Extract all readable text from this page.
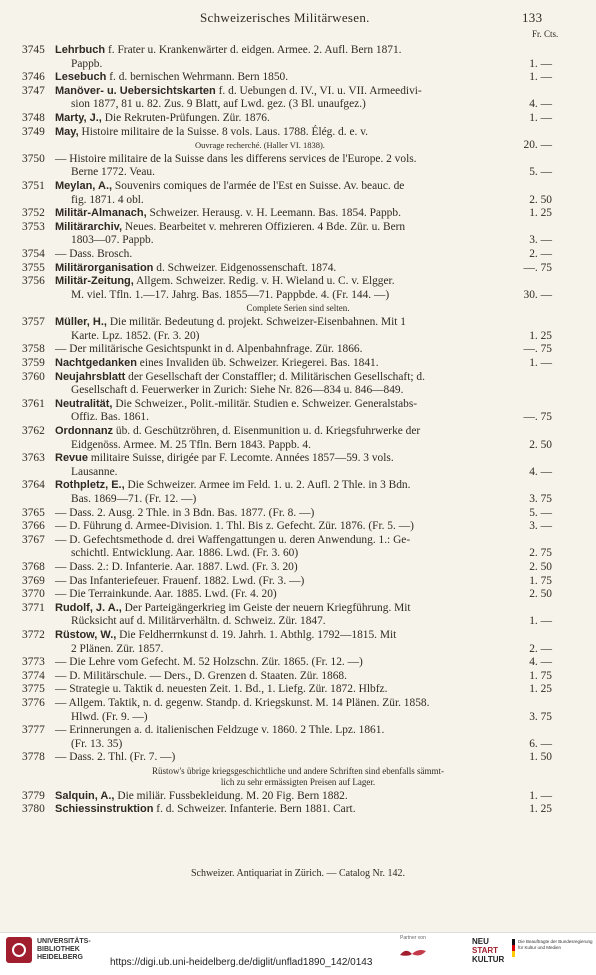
Schweizerisches Militärwesen.	133
Fr. Cts.
3745 Lehrbuch f. Frater u. Krankenwärter d. eidgen. Armee. 2. Aufl. Bern 1871.
Pappb.	1. —
3746 Lesebuch f. d. bernischen Wehrmann. Bern 1850.	1. —
3747 Manöver- u. Uebersichtskarten f. d. Uebungen d. IV., VI. u. VII. Armeedivi-
sion 1877, 81 u. 82. Zus. 9 Blatt, auf Lwd. gez. (3 Bl. unaufgez.)	4. —
3748 Marty, J., Die Rekruten-Prüfungen. Zür. 1876.	1. —
3749 May, Histoire militaire de la Suisse. 8 vols. Laus. 1788. Élég. d. e. v.
Ouvrage recherché. (Haller VI. 1838).	20. —
3750 — Histoire militaire de la Suisse dans les differens services de l'Europe. 2 vols.
Berne 1772. Veau.	5. —
3751 Meylan, A., Souvenirs comiques de l'armée de l'Est en Suisse. Av. beauc. de
fig. 1871. 4 obl.	2. 50
3752 Militär-Almanach, Schweizer. Herausg. v. H. Leemann. Bas. 1854. Pappb.	1. 25
3753 Militärarchiv, Neues. Bearbeitet v. mehreren Offizieren. 4 Bde. Zür. u. Bern
1803—07. Pappb.	3. —
3754 — Dass. Brosch.	2. —
3755 Militärorganisation d. Schweizer. Eidgenossenschaft. 1874.	—. 75
3756 Militär-Zeitung, Allgem. Schweizer. Redig. v. H. Wieland u. C. v. Elgger.
M. viel. Tfln. 1.—17. Jahrg. Bas. 1855—71. Pappbde. 4. (Fr. 144. —)	30. —
Complete Serien sind selten.
3757 Müller, H., Die militär. Bedeutung d. projekt. Schweizer-Eisenbahnen. Mit 1
Karte. Lpz. 1852. (Fr. 3. 20)	1. 25
3758 — Der militärische Gesichtspunkt in d. Alpenbahnfrage. Zür. 1866.	—. 75
3759 Nachtgedanken eines Invaliden üb. Schweizer. Kriegerei. Bas. 1841.	1. —
3760 Neujahrsblatt der Gesellschaft der Constaffler; d. Militärischen Gesellschaft; d.
Gesellschaft d. Feuerwerker in Zurich: Siehe Nr. 826—834 u. 846—849.
3761 Neutralität, Die Schweizer., Polit.-militär. Studien e. Schweizer. Generalstabs-
Offiz. Bas. 1861.	—. 75
3762 Ordonnanz üb. d. Geschützröhren, d. Eisenmunition u. d. Kriegsfuhrwerke der
Eidgenöss. Armee. M. 25 Tfln. Bern 1843. Pappb. 4.	2. 50
3763 Revue militaire Suisse, dirigée par F. Lecomte. Années 1857—59. 3 vols.
Lausanne.	4. —
3764 Rothpletz, E., Die Schweizer. Armee im Feld. 1. u. 2. Aufl. 2 Thle. in 3 Bdn.
Bas. 1869—71. (Fr. 12. —)	3. 75
3765 — Dass. 2. Ausg. 2 Thle. in 3 Bdn. Bas. 1877. (Fr. 8. —)	5. —
3766 — D. Führung d. Armee-Division. 1. Thl. Bis z. Gefecht. Zür. 1876. (Fr. 5. —)	3. —
3767 — D. Gefechtsmethode d. drei Waffengattungen u. deren Anwendung. 1.: Ge-
schichtl. Entwicklung. Aar. 1886. Lwd. (Fr. 3. 60)	2. 75
3768 — Dass. 2.: D. Infanterie. Aar. 1887. Lwd. (Fr. 3. 20)	2. 50
3769 — Das Infanteriefeuer. Frauenf. 1882. Lwd. (Fr. 3. —)	1. 75
3770 — Die Terrainkunde. Aar. 1885. Lwd. (Fr. 4. 20)	2. 50
3771 Rudolf, J. A., Der Parteigängerkrieg im Geiste der neuern Kriegführung. Mit
Rücksicht auf d. Militärverhältn. d. Schweiz. Zür. 1847.	1. —
3772 Rüstow, W., Die Feldherrnkunst d. 19. Jahrh. 1. Abthlg. 1792—1815. Mit
2 Plänen. Zür. 1857.	2. —
3773 — Die Lehre vom Gefecht. M. 52 Holzschn. Zür. 1865. (Fr. 12. —)	4. —
3774 — D. Militärschule. — Ders., D. Grenzen d. Staaten. Zür. 1868.	1. 75
3775 — Strategie u. Taktik d. neuesten Zeit. 1. Bd., 1. Liefg. Zür. 1872. Hlbfz.	1. 25
3776 — Allgem. Taktik, n. d. gegenw. Standp. d. Kriegskunst. M. 14 Plänen. Zür. 1858.
Hlwd. (Fr. 9. —)	3. 75
3777 — Erinnerungen a. d. italienischen Feldzuge v. 1860. 2 Thle. Lpz. 1861.
(Fr. 13. 35)	6. —
3778 — Dass. 2. Thl. (Fr. 7. —)	1. 50
Rüstow's übrige kriegsgeschichtliche und andere Schriften sind ebenfalls sämmt-
lich zu sehr ermässigten Preisen auf Lager.
3779 Salquin, A., Die miliär. Fussbekleidung. M. 20 Fig. Bern 1882.	1. —
3780 Schiessinstruktion f. d. Schweizer. Infanterie. Bern 1881. Cart.	1. 25
Schweizer. Antiquariat in Zürich. — Catalog Nr. 142.
UNIVERSITÄTS-
BIBLIOTHEK
HEIDELBERG	https://digi.ub.uni-heidelberg.de/diglit/unflad1890_142/0143
Partner von	NEU
START
KULTUR
Die Beauftragte der Bundesregierung für Kultur und Medien
